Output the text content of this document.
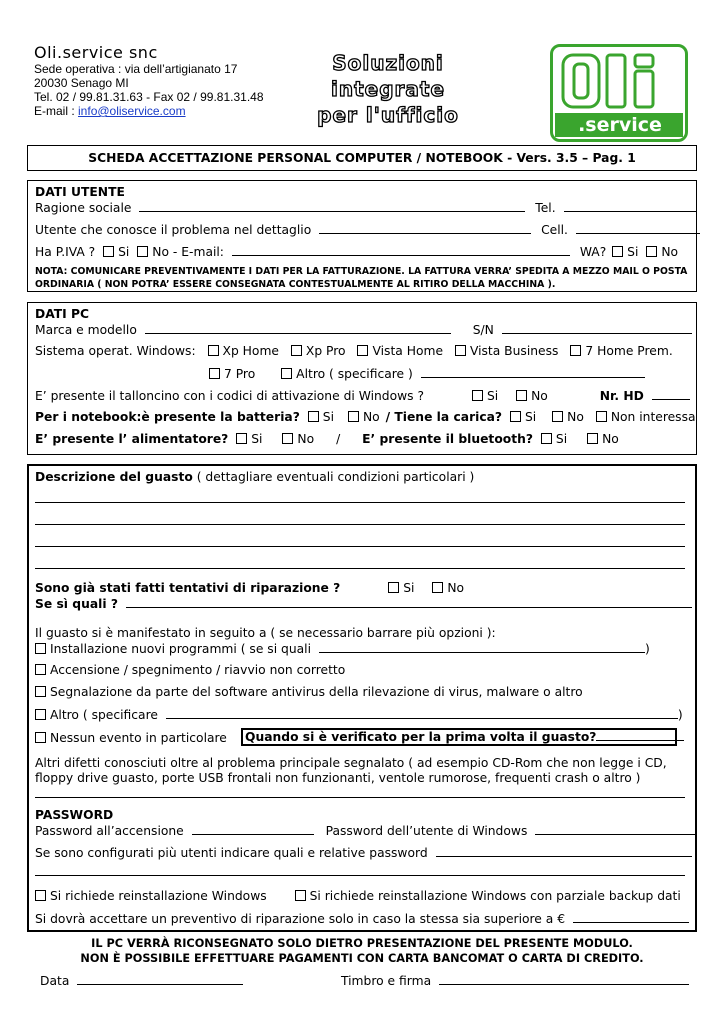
Oli.service snc
Sede operativa : via dell’artigianato 17
20030 Senago MI
Tel. 02 / 99.81.31.63 - Fax 02 / 99.81.31.48
E-mail : info@oliservice.com
Soluzioni integrate
per l'ufficio	.service
SCHEDA ACCETTAZIONE PERSONAL COMPUTER / NOTEBOOK - Vers. 3.5 – Pag. 1
DATI UTENTE
Ragione sociale	Tel.
Utente che conosce il problema nel dettaglio	Cell.
Ha P.IVA ? Si No - E-mail:	WA? Si No
NOTA: COMUNICARE PREVENTIVAMENTE I DATI PER LA FATTURAZIONE. LA FATTURA VERRA’ SPEDITA A MEZZO MAIL O POSTA ORDINARIA ( NON POTRA’ ESSERE CONSEGNATA CONTESTUALMENTE AL RITIRO DELLA MACCHINA ).
DATI PC
Marca e modello	S/N
Sistema operat. Windows: Xp Home Xp Pro Vista Home Vista Business 7 Home Prem.
7 Pro	Altro ( specificare )
E’ presente il talloncino con i codici di attivazione di Windows ?	Si	No	Nr. HD
Per i notebook:è presente la batteria? Si No / Tiene la carica? Si	No Non interessa
E’ presente l’ alimentatore? Si	No / E’ presente il bluetooth? Si	No
Descrizione del guasto ( dettagliare eventuali condizioni particolari )
Sono già stati fatti tentativi di riparazione ?	Si	No
Se sì quali ?
Il guasto si è manifestato in seguito a ( se necessario barrare più opzioni ):
Installazione nuovi programmi ( se si quali	)
Accensione / spegnimento / riavvio non corretto
Segnalazione da parte del software antivirus della rilevazione di virus, malware o altro
Altro ( specificare	)
Nessun evento in particolare	Quando si è verificato per la prima volta il guasto?
Altri difetti conosciuti oltre al problema principale segnalato ( ad esempio CD-Rom che non legge i CD, floppy drive guasto, porte USB frontali non funzionanti, ventole rumorose, frequenti crash o altro )
PASSWORD
Password all’accensione	Password dell’utente di Windows
Se sono configurati più utenti indicare quali e relative password
Si richiede reinstallazione Windows	Si richiede reinstallazione Windows con parziale backup dati
Si dovrà accettare un preventivo di riparazione solo in caso la stessa sia superiore a €
IL PC VERRÀ RICONSEGNATO SOLO DIETRO PRESENTAZIONE DEL PRESENTE MODULO.
NON È POSSIBILE EFFETTUARE PAGAMENTI CON CARTA BANCOMAT O CARTA DI CREDITO.
Data	Timbro e firma
